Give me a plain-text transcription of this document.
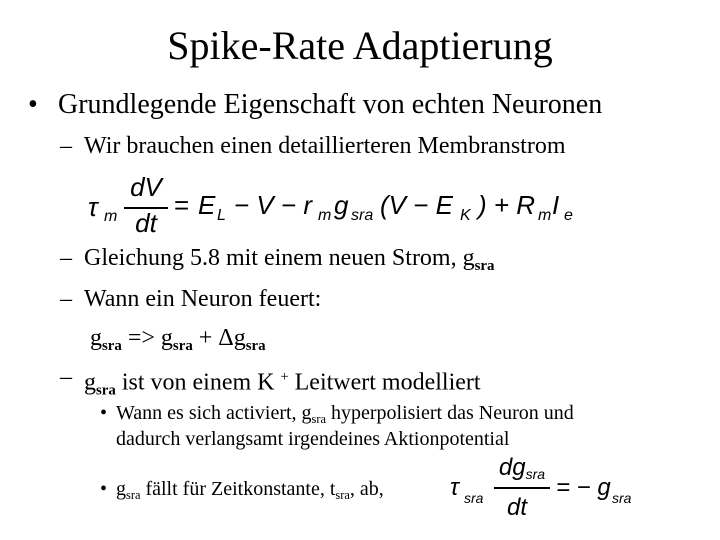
Spike-Rate Adaptierung
• Grundlegende Eigenschaft von echten Neuronen
– Wir brauchen einen detaillierteren Membranstrom
τ m
dV
dt
= E L − V − r m g sra (V − E K ) + R m I e
– Gleichung 5.8 mit einem neuen Strom, $g_{sra}$
– Wann ein Neuron feuert:
$g_{sra} => g_{sra} + \Delta g_{sra}$
– $g_{sra}$ ist von einem K + Leitwert modelliert
• Wann es sich activiert, gsra hyperpolisiert das Neuron und
dadurch verlangsamt irgendeines Aktionpotential
• gsra fällt für Zeitkonstante, tsra, ab,	τ sra
dgsra
dt
= − g sra
